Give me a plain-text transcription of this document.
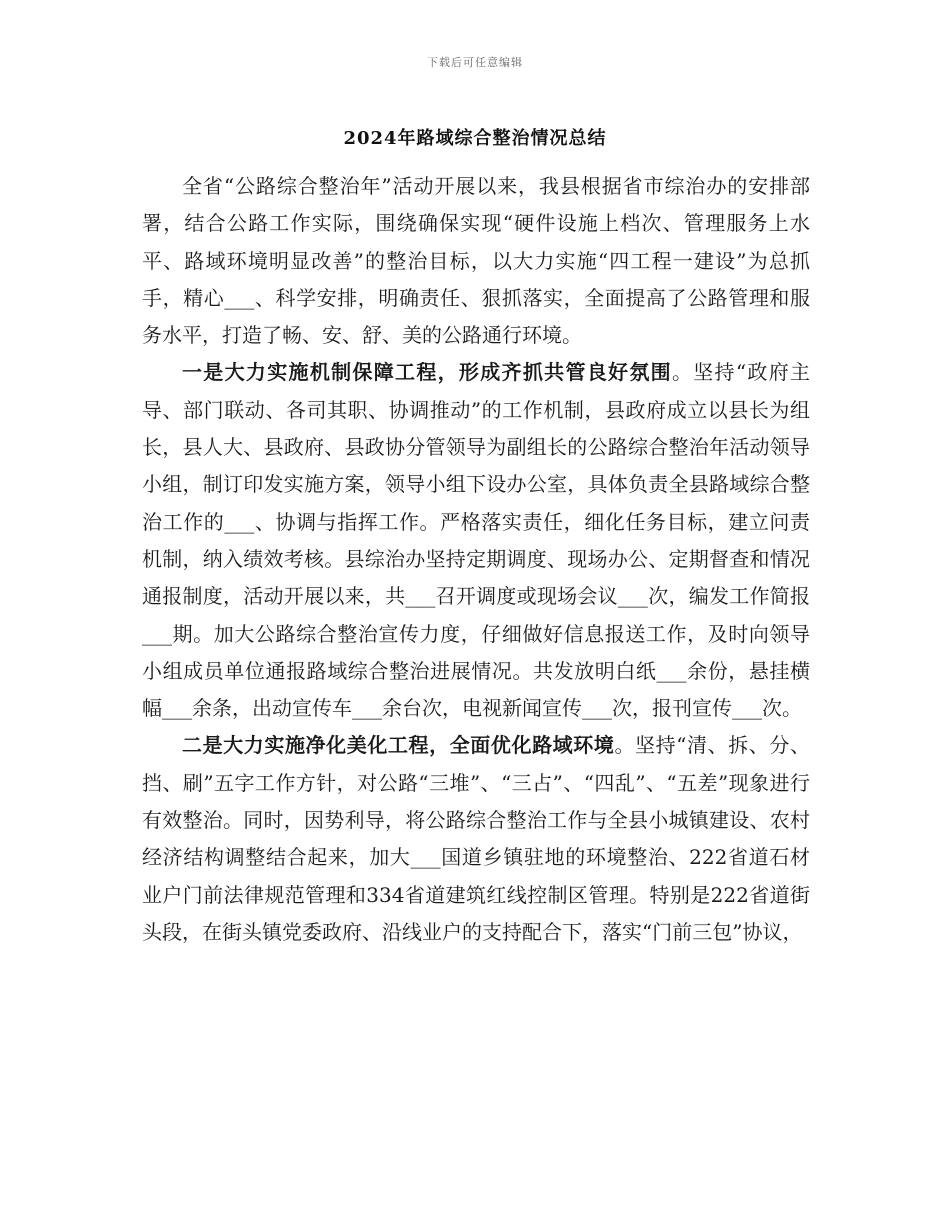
下载后可任意编辑
2024年路域综合整治情况总结

全省“公路综合整治年”活动开展以来，我县根据省市综治办的安排部署，结合公路工作实际，围绕确保实现“硬件设施上档次、管理服务上水平、路域环境明显改善”的整治目标，以大力实施“四工程一建设”为总抓手，精心___、科学安排，明确责任、狠抓落实，全面提高了公路管理和服务水平，打造了畅、安、舒、美的公路通行环境。

一是大力实施机制保障工程，形成齐抓共管良好氛围。坚持“政府主导、部门联动、各司其职、协调推动”的工作机制，县政府成立以县长为组长，县人大、县政府、县政协分管领导为副组长的公路综合整治年活动领导小组，制订印发实施方案，领导小组下设办公室，具体负责全县路域综合整治工作的___、协调与指挥工作。严格落实责任，细化任务目标，建立问责机制，纳入绩效考核。县综治办坚持定期调度、现场办公、定期督查和情况通报制度，活动开展以来，共___召开调度或现场会议___次，编发工作简报___期。加大公路综合整治宣传力度，仔细做好信息报送工作，及时向领导小组成员单位通报路域综合整治进展情况。共发放明白纸___余份，悬挂横幅___余条，出动宣传车___余台次，电视新闻宣传___次，报刊宣传___次。

二是大力实施净化美化工程，全面优化路域环境。坚持“清、拆、分、挡、刷”五字工作方针，对公路“三堆”、“三占”、“四乱”、“五差”现象进行有效整治。同时，因势利导，将公路综合整治工作与全县小城镇建设、农村经济结构调整结合起来，加大___国道乡镇驻地的环境整治、222省道石材业户门前法律规范管理和334省道建筑红线控制区管理。特别是222省道街头段，在街头镇党委政府、沿线业户的支持配合下，落实“门前三包”协议，
